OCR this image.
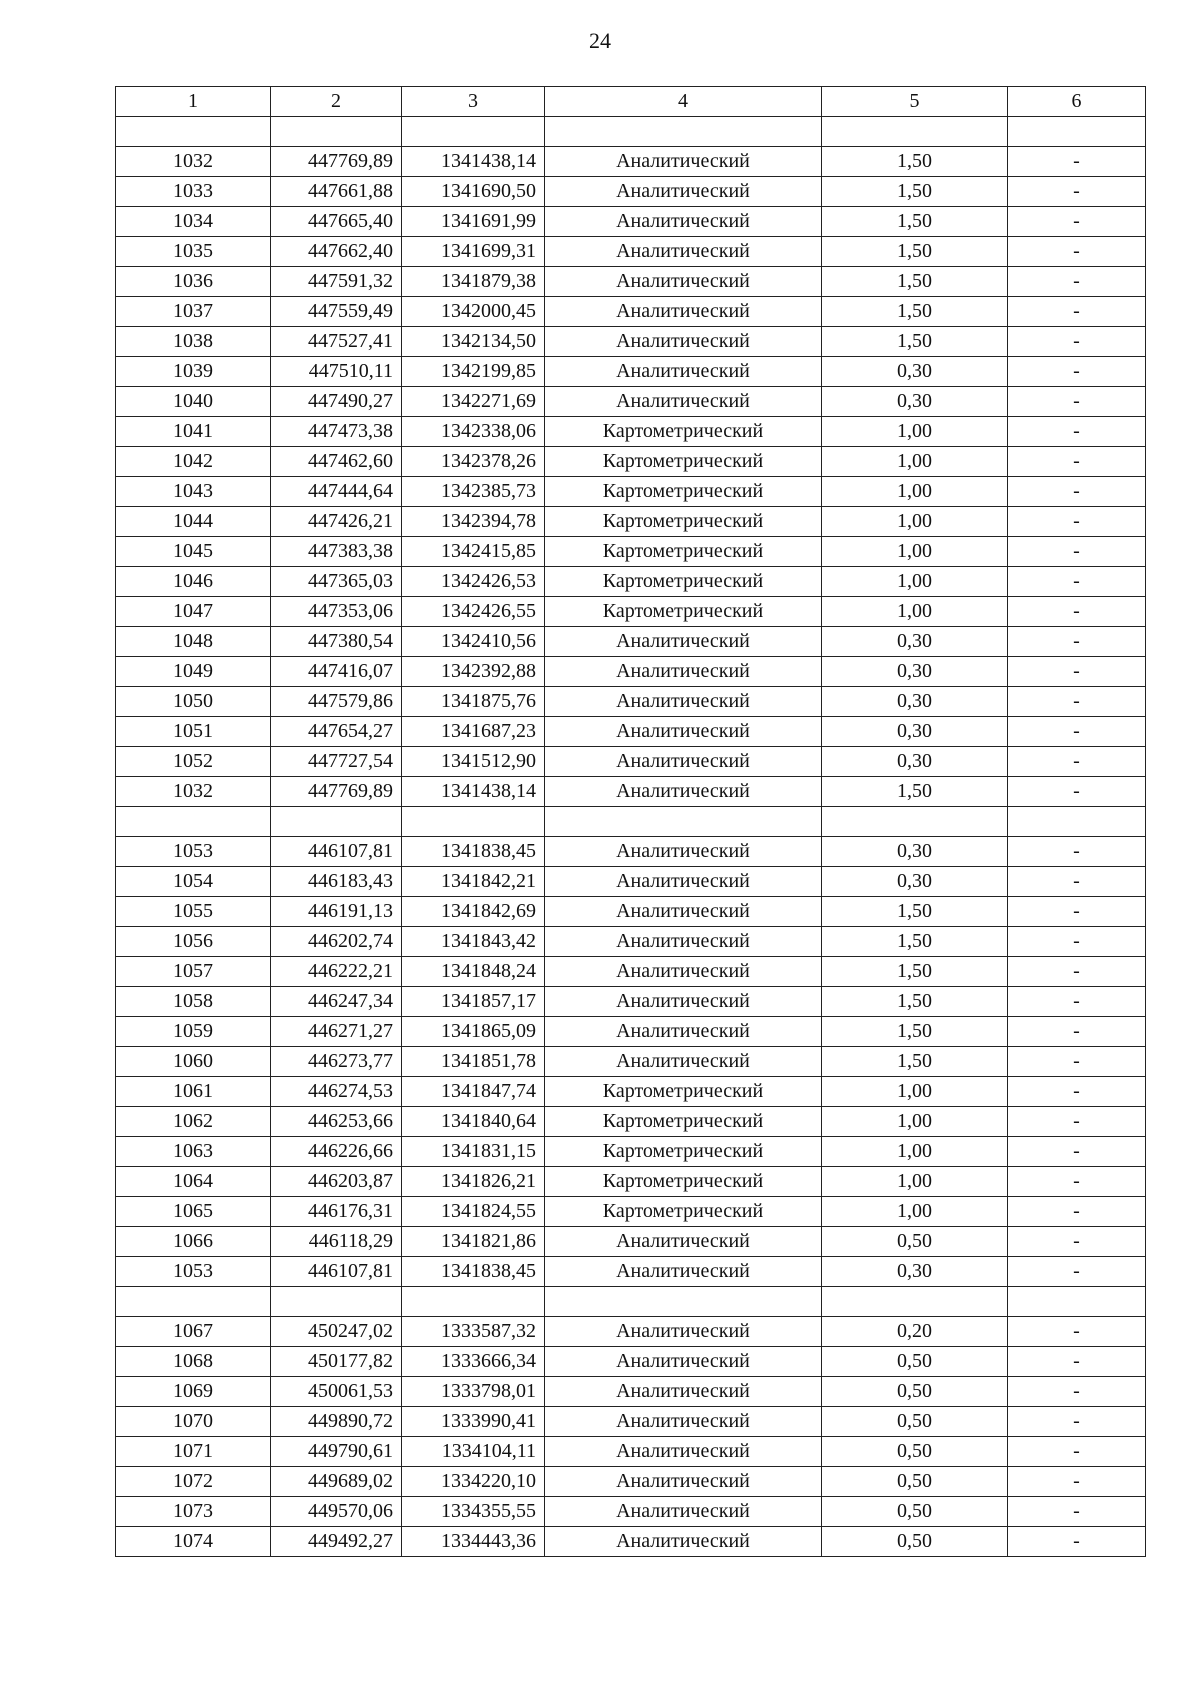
24
1	2	3	4	5	6

1032	447769,89	1341438,14	Аналитический	1,50	-
1033	447661,88	1341690,50	Аналитический	1,50	-
1034	447665,40	1341691,99	Аналитический	1,50	-
1035	447662,40	1341699,31	Аналитический	1,50	-
1036	447591,32	1341879,38	Аналитический	1,50	-
1037	447559,49	1342000,45	Аналитический	1,50	-
1038	447527,41	1342134,50	Аналитический	1,50	-
1039	447510,11	1342199,85	Аналитический	0,30	-
1040	447490,27	1342271,69	Аналитический	0,30	-
1041	447473,38	1342338,06	Картометрический	1,00	-
1042	447462,60	1342378,26	Картометрический	1,00	-
1043	447444,64	1342385,73	Картометрический	1,00	-
1044	447426,21	1342394,78	Картометрический	1,00	-
1045	447383,38	1342415,85	Картометрический	1,00	-
1046	447365,03	1342426,53	Картометрический	1,00	-
1047	447353,06	1342426,55	Картометрический	1,00	-
1048	447380,54	1342410,56	Аналитический	0,30	-
1049	447416,07	1342392,88	Аналитический	0,30	-
1050	447579,86	1341875,76	Аналитический	0,30	-
1051	447654,27	1341687,23	Аналитический	0,30	-
1052	447727,54	1341512,90	Аналитический	0,30	-
1032	447769,89	1341438,14	Аналитический	1,50	-

1053	446107,81	1341838,45	Аналитический	0,30	-
1054	446183,43	1341842,21	Аналитический	0,30	-
1055	446191,13	1341842,69	Аналитический	1,50	-
1056	446202,74	1341843,42	Аналитический	1,50	-
1057	446222,21	1341848,24	Аналитический	1,50	-
1058	446247,34	1341857,17	Аналитический	1,50	-
1059	446271,27	1341865,09	Аналитический	1,50	-
1060	446273,77	1341851,78	Аналитический	1,50	-
1061	446274,53	1341847,74	Картометрический	1,00	-
1062	446253,66	1341840,64	Картометрический	1,00	-
1063	446226,66	1341831,15	Картометрический	1,00	-
1064	446203,87	1341826,21	Картометрический	1,00	-
1065	446176,31	1341824,55	Картометрический	1,00	-
1066	446118,29	1341821,86	Аналитический	0,50	-
1053	446107,81	1341838,45	Аналитический	0,30	-

1067	450247,02	1333587,32	Аналитический	0,20	-
1068	450177,82	1333666,34	Аналитический	0,50	-
1069	450061,53	1333798,01	Аналитический	0,50	-
1070	449890,72	1333990,41	Аналитический	0,50	-
1071	449790,61	1334104,11	Аналитический	0,50	-
1072	449689,02	1334220,10	Аналитический	0,50	-
1073	449570,06	1334355,55	Аналитический	0,50	-
1074	449492,27	1334443,36	Аналитический	0,50	-
